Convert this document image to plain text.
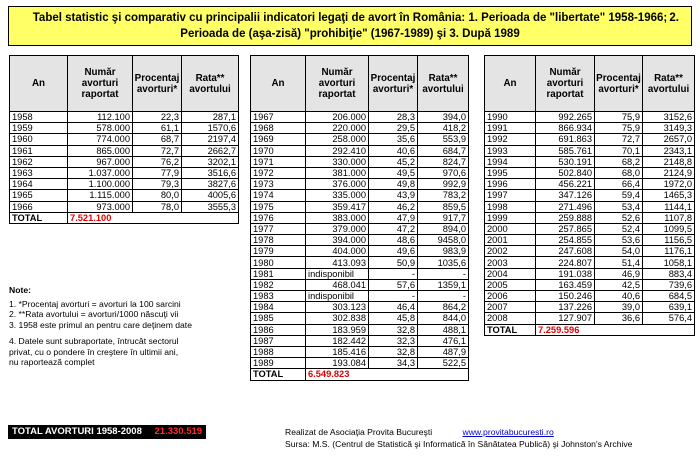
Tabel statistic şi comparativ cu principalii indicatori legaţi de avort în România: 1. Perioada de "libertate" 1958-1966;
Perioada de (aşa-zisă) "prohibiţie" (1967-1989) şi 3. După 1989
2.
An	Număr avorturi raportat	Procentaj avorturi*	Rata** avortului
1958	112.100	22,3	287,1
1959	578.000	61,1	1570,6
1960	774.000	68,7	2197,4
1961	865.000	72,7	2662,7
1962	967.000	76,2	3202,1
1963	1.037.000	77,9	3516,6
1964	1.100.000	79,3	3827,6
1965	1.115.000	80,0	4005,6
1966	973.000	78,0	3555,3
TOTAL	7.521.100		
An	Număr avorturi raportat	Procentaj avorturi*	Rata** avortului
1967	206.000	28,3	394,0
1968	220.000	29,5	418,2
1969	258.000	35,6	553,9
1970	292.410	40,6	684,7
1971	330.000	45,2	824,7
1972	381.000	49,5	970,6
1973	376.000	49,8	992,9
1974	335.000	43,9	783,2
1975	359.417	46,2	859,5
1976	383.000	47,9	917,7
1977	379.000	47,2	894,0
1978	394.000	48,6	9458,0
1979	404.000	49,6	983,9
1980	413.093	50,9	1035,6
1981	indisponibil	-	-
1982	468.041	57,6	1359,1
1983	indisponibil	-	-
1984	303.123	46,4	864,2
1985	302.838	45,8	844,0
1986	183.959	32,8	488,1
1987	182.442	32,3	476,1
1988	185.416	32,8	487,9
1989	193.084	34,3	522,5
TOTAL	6.549.823		
An	Număr avorturi raportat	Procentaj avorturi*	Rata** avortului
1990	992.265	75,9	3152,6
1991	866.934	75,9	3149,3
1992	691.863	72,7	2657,0
1993	585.761	70,1	2343,1
1994	530.191	68,2	2148,8
1995	502.840	68,0	2124,9
1996	456.221	66,4	1972,0
1997	347.126	59,4	1465,3
1998	271.496	53,4	1144,1
1999	259.888	52,6	1107,8
2000	257.865	52,4	1099,5
2001	254.855	53,6	1156,5
2002	247.608	54,0	1176,1
2003	224.807	51,4	1058,1
2004	191.038	46,9	883,4
2005	163.459	42,5	739,6
2006	150.246	40,6	684,5
2007	137.226	39,0	639,1
2008	127.907	36,6	576,4
TOTAL	7.259.596		
Note:
1. *Procentaj avorturi = avorturi la 100 sarcini
2. **Rata avortului = avorturi/1000 născuţi vii
3. 1958 este primul an pentru care deţinem date
4. Datele sunt subraportate, întrucât sectorul privat, cu o pondere în creştere în ultimii ani, nu raportează complet
TOTAL AVORTURI 1958-2008 21.330.519	Realizat de Asociaţia Provita Bucureşti	www.provitabucuresti.ro
Sursa: M.S. (Centrul de Statistică şi Informatică în Sănătatea Publică) şi Johnston's Archive
